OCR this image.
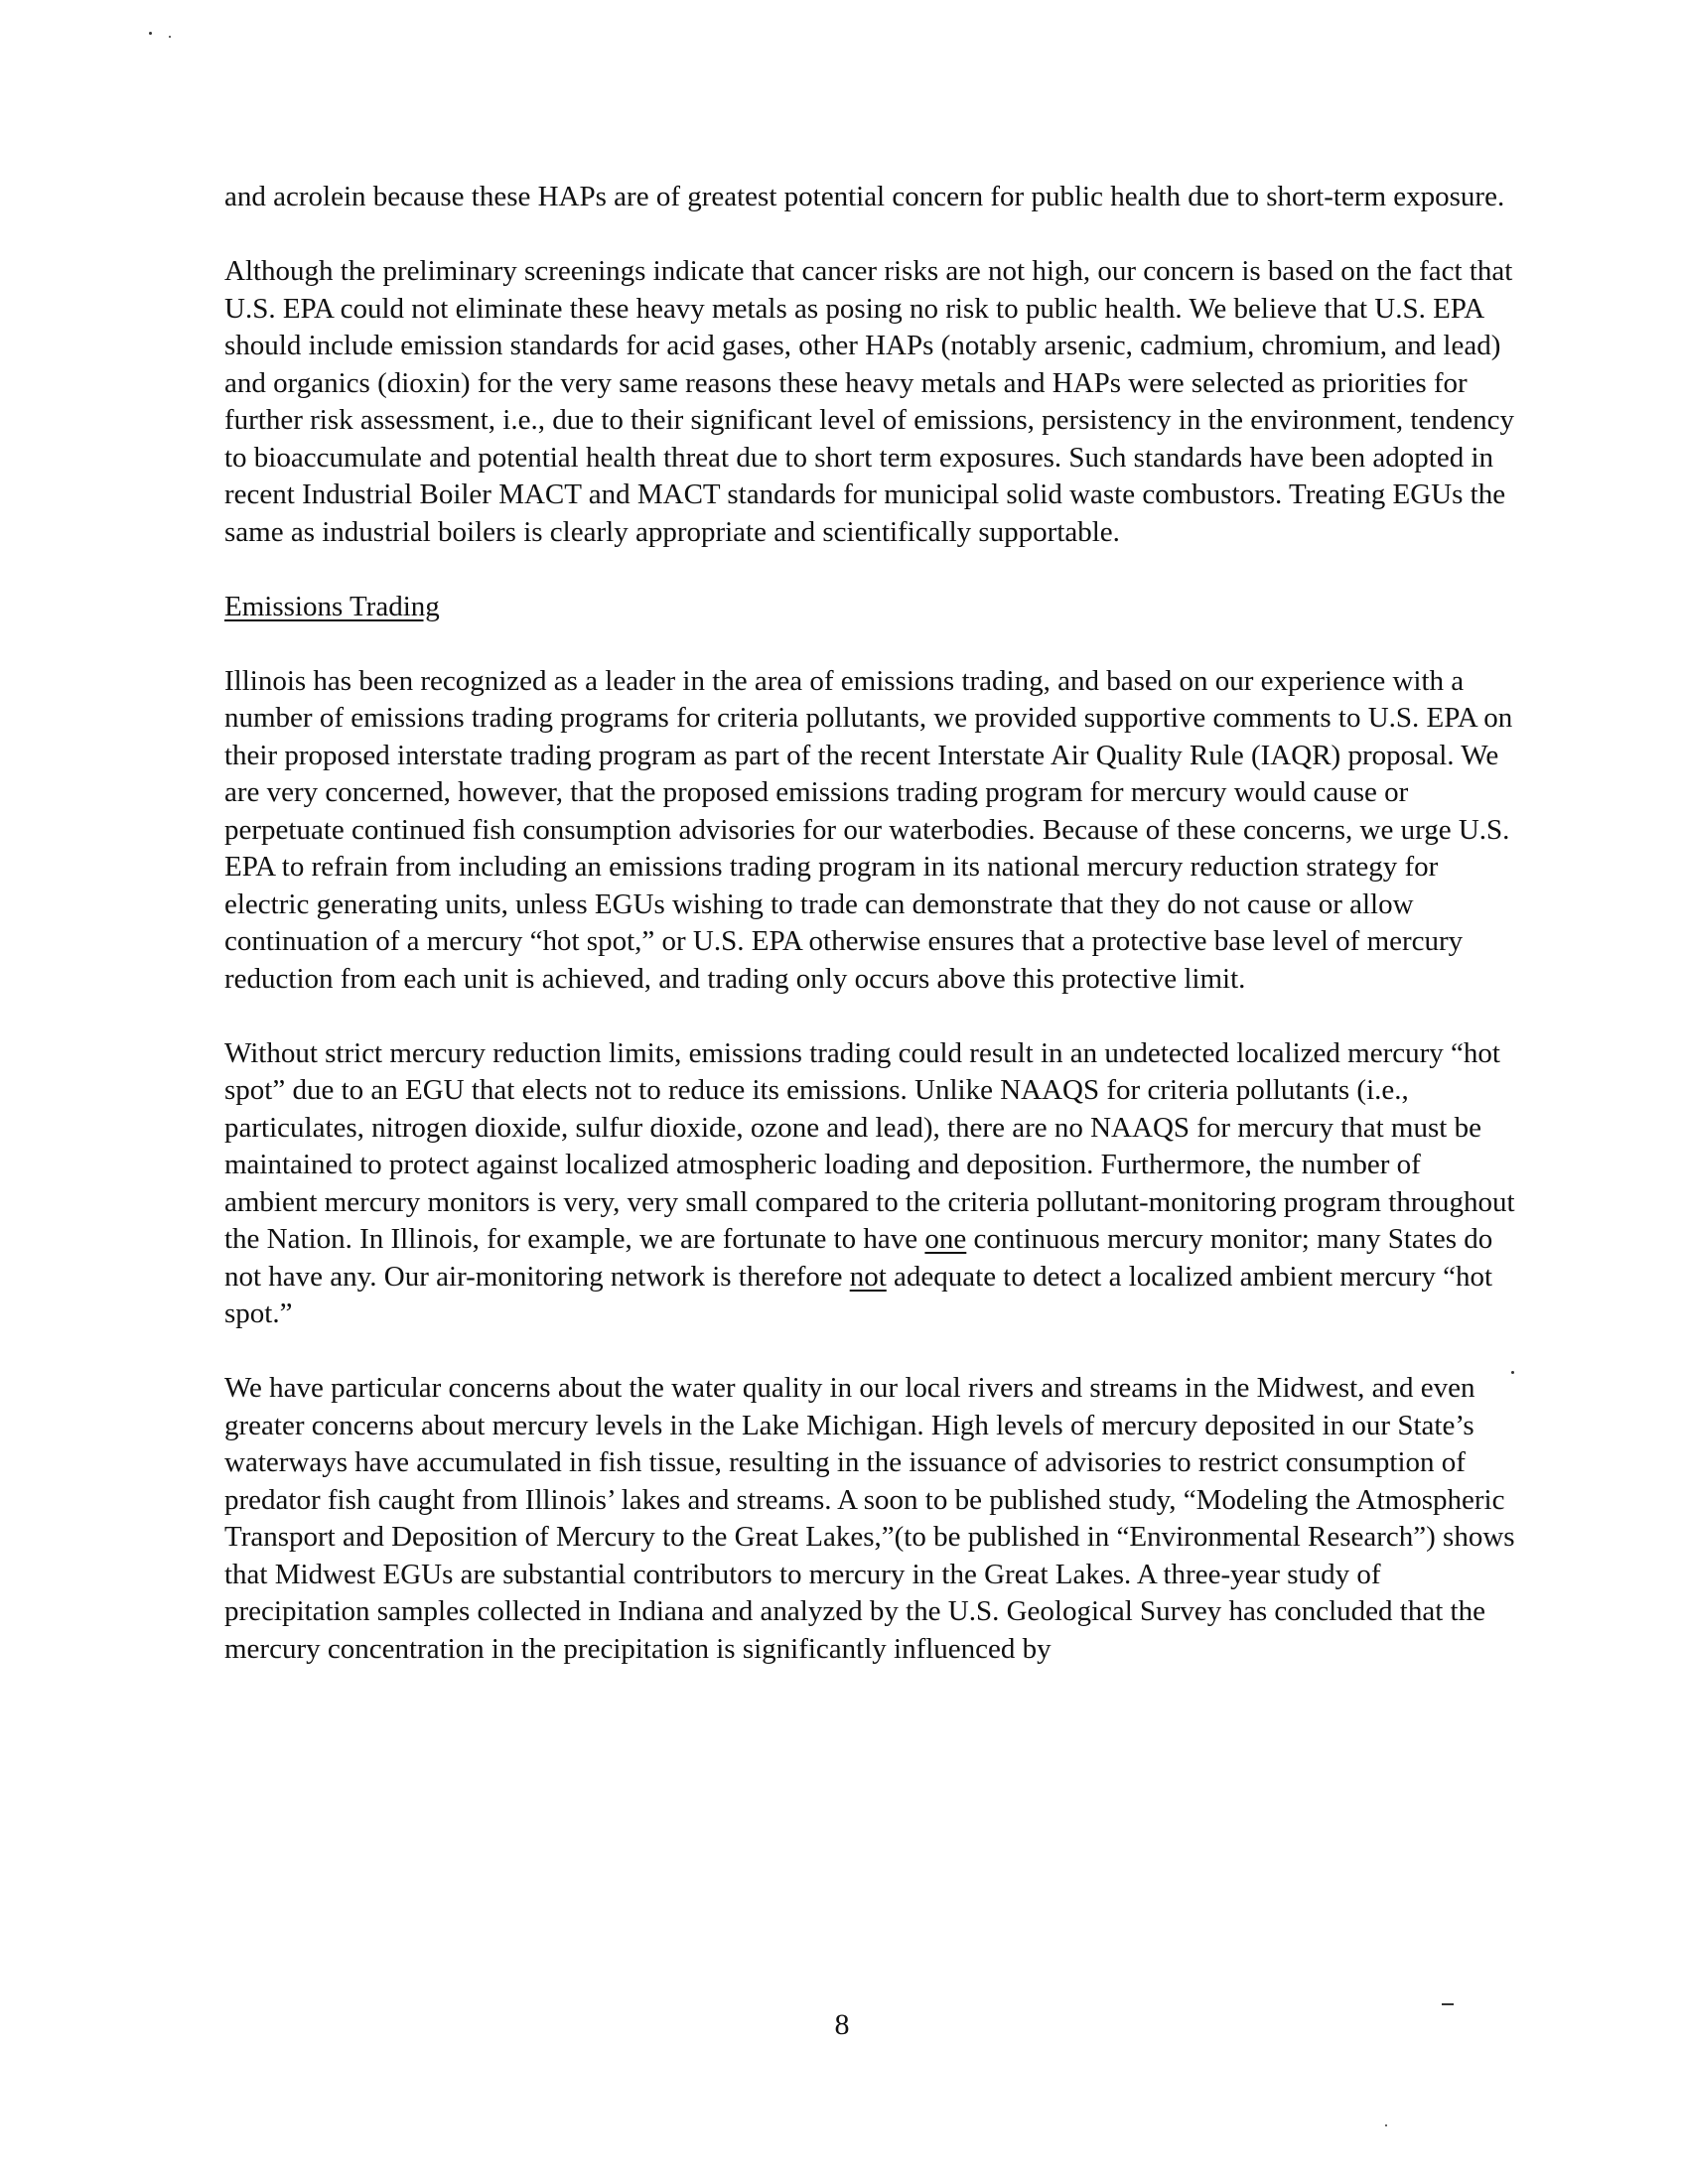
and acrolein because these HAPs are of greatest potential concern for public health due to short-term exposure.

Although the preliminary screenings indicate that cancer risks are not high, our concern is based on the fact that U.S. EPA could not eliminate these heavy metals as posing no risk to public health. We believe that U.S. EPA should include emission standards for acid gases, other HAPs (notably arsenic, cadmium, chromium, and lead) and organics (dioxin) for the very same reasons these heavy metals and HAPs were selected as priorities for further risk assessment, i.e., due to their significant level of emissions, persistency in the environment, tendency to bioaccumulate and potential health threat due to short term exposures. Such standards have been adopted in recent Industrial Boiler MACT and MACT standards for municipal solid waste combustors. Treating EGUs the same as industrial boilers is clearly appropriate and scientifically supportable.

Emissions Trading

Illinois has been recognized as a leader in the area of emissions trading, and based on our experience with a number of emissions trading programs for criteria pollutants, we provided supportive comments to U.S. EPA on their proposed interstate trading program as part of the recent Interstate Air Quality Rule (IAQR) proposal. We are very concerned, however, that the proposed emissions trading program for mercury would cause or perpetuate continued fish consumption advisories for our waterbodies. Because of these concerns, we urge U.S. EPA to refrain from including an emissions trading program in its national mercury reduction strategy for electric generating units, unless EGUs wishing to trade can demonstrate that they do not cause or allow continuation of a mercury “hot spot,” or U.S. EPA otherwise ensures that a protective base level of mercury reduction from each unit is achieved, and trading only occurs above this protective limit.

Without strict mercury reduction limits, emissions trading could result in an undetected localized mercury “hot spot” due to an EGU that elects not to reduce its emissions. Unlike NAAQS for criteria pollutants (i.e., particulates, nitrogen dioxide, sulfur dioxide, ozone and lead), there are no NAAQS for mercury that must be maintained to protect against localized atmospheric loading and deposition. Furthermore, the number of ambient mercury monitors is very, very small compared to the criteria pollutant-monitoring program throughout the Nation. In Illinois, for example, we are fortunate to have one continuous mercury monitor; many States do not have any. Our air-monitoring network is therefore not adequate to detect a localized ambient mercury “hot spot.”

We have particular concerns about the water quality in our local rivers and streams in the Midwest, and even greater concerns about mercury levels in the Lake Michigan. High levels of mercury deposited in our State’s waterways have accumulated in fish tissue, resulting in the issuance of advisories to restrict consumption of predator fish caught from Illinois’ lakes and streams. A soon to be published study, “Modeling the Atmospheric Transport and Deposition of Mercury to the Great Lakes,”(to be published in “Environmental Research”) shows that Midwest EGUs are substantial contributors to mercury in the Great Lakes. A three-year study of precipitation samples collected in Indiana and analyzed by the U.S. Geological Survey has concluded that the mercury concentration in the precipitation is significantly influenced by

8
